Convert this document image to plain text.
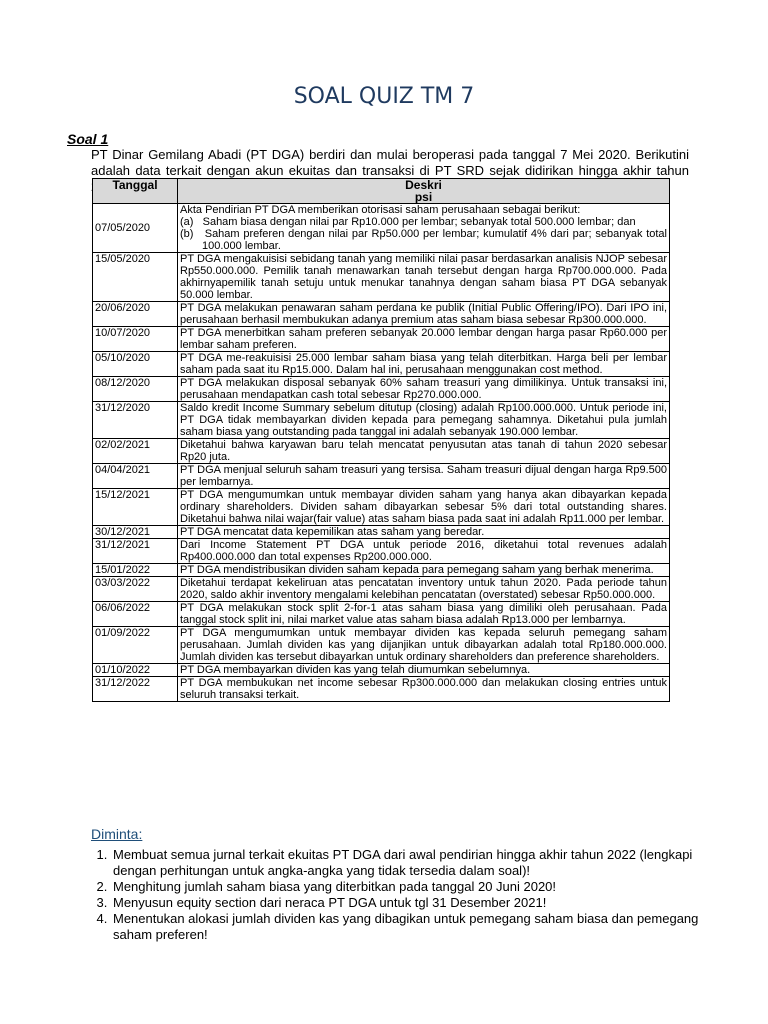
SOAL QUIZ TM 7
Soal 1
PT Dinar Gemilang Abadi (PT DGA) berdiri dan mulai beroperasi pada tanggal 7 Mei 2020. Berikutini adalah data terkait dengan akun ekuitas dan transaksi di PT SRD sejak didirikan hingga akhir tahun
Tanggal	Deskri
psi
07/05/2020	Akta Pendirian PT DGA memberikan otorisasi saham perusahaan sebagai berikut:
(a)   Saham biasa dengan nilai par Rp10.000 per lembar; sebanyak total 500.000 lembar; dan
(b)   Saham preferen dengan nilai par Rp50.000 per lembar; kumulatif 4% dari par; sebanyak total 100.000 lembar.

15/05/2020	PT DGA mengakuisisi sebidang tanah yang memiliki nilai pasar berdasarkan analisis NJOP sebesar Rp550.000.000. Pemilik tanah menawarkan tanah tersebut dengan harga Rp700.000.000. Pada akhirnyapemilik tanah setuju untuk menukar tanahnya dengan saham biasa PT DGA sebanyak 50.000 lembar.
20/06/2020	PT DGA melakukan penawaran saham perdana ke publik (Initial Public Offering/IPO). Dari IPO ini, perusahaan berhasil membukukan adanya premium atas saham biasa sebesar Rp300.000.000.
10/07/2020	PT DGA menerbitkan saham preferen sebanyak 20.000 lembar dengan harga pasar Rp60.000 per lembar saham preferen.
05/10/2020	PT DGA me-reakuisisi 25.000 lembar saham biasa yang telah diterbitkan. Harga beli per lembar saham pada saat itu Rp15.000. Dalam hal ini, perusahaan menggunakan cost method.
08/12/2020	PT DGA melakukan disposal sebanyak 60% saham treasuri yang dimilikinya. Untuk transaksi ini, perusahaan mendapatkan cash total sebesar Rp270.000.000.
31/12/2020	Saldo kredit Income Summary sebelum ditutup (closing) adalah Rp100.000.000. Untuk periode ini, PT DGA tidak membayarkan dividen kepada para pemegang sahamnya. Diketahui pula jumlah saham biasa yang outstanding pada tanggal ini adalah sebanyak 190.000 lembar.
02/02/2021	Diketahui bahwa karyawan baru telah mencatat penyusutan atas tanah di tahun 2020 sebesar Rp20 juta.
04/04/2021	PT DGA menjual seluruh saham treasuri yang tersisa. Saham treasuri dijual dengan harga Rp9.500 per lembarnya.
15/12/2021	PT DGA mengumumkan untuk membayar dividen saham yang hanya akan dibayarkan kepada ordinary shareholders. Dividen saham dibayarkan sebesar 5% dari total outstanding shares. Diketahui bahwa nilai wajar(fair value) atas saham biasa pada saat ini adalah Rp11.000 per lembar.
30/12/2021	PT DGA mencatat data kepemilikan atas saham yang beredar.
31/12/2021	Dari Income Statement PT DGA untuk periode 2016, diketahui total revenues adalah Rp400.000.000 dan total expenses Rp200.000.000.
15/01/2022	PT DGA mendistribusikan dividen saham kepada para pemegang saham yang berhak menerima.
03/03/2022	Diketahui terdapat kekeliruan atas pencatatan inventory untuk tahun 2020. Pada periode tahun 2020, saldo akhir inventory mengalami kelebihan pencatatan (overstated) sebesar Rp50.000.000.
06/06/2022	PT DGA melakukan stock split 2-for-1 atas saham biasa yang dimiliki oleh perusahaan. Pada tanggal stock split ini, nilai market value atas saham biasa adalah Rp13.000 per lembarnya.
01/09/2022	PT DGA mengumumkan untuk membayar dividen kas kepada seluruh pemegang saham perusahaan. Jumlah dividen kas yang dijanjikan untuk dibayarkan adalah total Rp180.000.000. Jumlah dividen kas tersebut dibayarkan untuk ordinary shareholders dan preference shareholders.
01/10/2022	PT DGA membayarkan dividen kas yang telah diumumkan sebelumnya.
31/12/2022	PT DGA membukukan net income sebesar Rp300.000.000 dan melakukan closing entries untuk seluruh transaksi terkait.
Diminta:
1. Membuat semua jurnal terkait ekuitas PT DGA dari awal pendirian hingga akhir tahun 2022 (lengkapi dengan perhitungan untuk angka-angka yang tidak tersedia dalam soal)!
2. Menghitung jumlah saham biasa yang diterbitkan pada tanggal 20 Juni 2020!
3. Menyusun equity section dari neraca PT DGA untuk tgl 31 Desember 2021!
4. Menentukan alokasi jumlah dividen kas yang dibagikan untuk pemegang saham biasa dan pemegang saham preferen!
